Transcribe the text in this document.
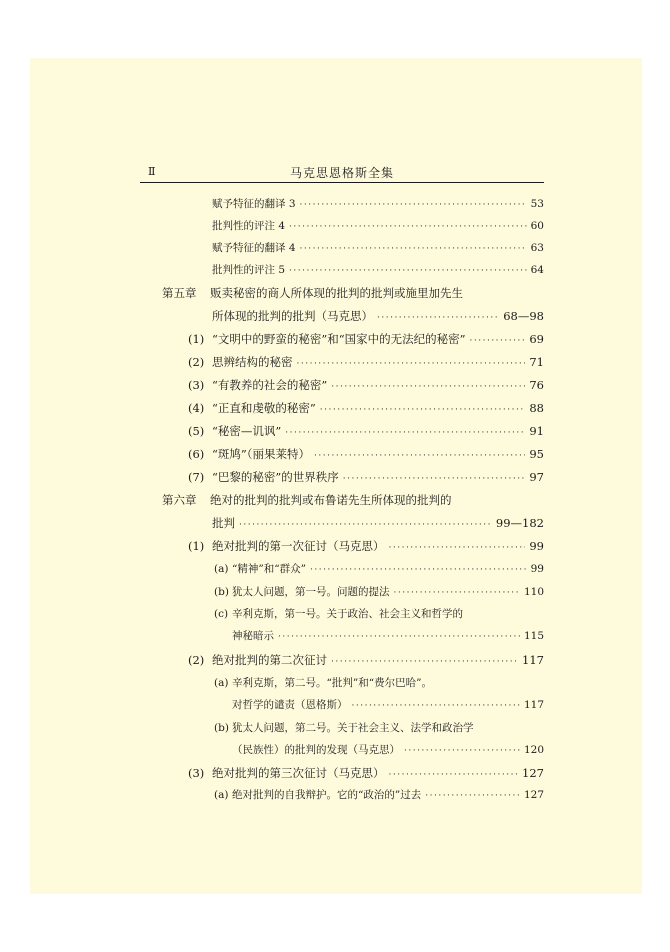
Ⅱ	马克思恩格斯全集
赋予特征的翻译 3 ·····	53
批判性的评注 4 ·····	60
赋予特征的翻译 4 ·····	63
批判性的评注 5 ·····	64
第五章	贩卖秘密的商人所体现的批判的批判或施里加先生
所体现的批判的批判（马克思） ·····	68—98
(1) “文明中的野蛮的秘密”和“国家中的无法纪的秘密” ·····	69
(2) 思辨结构的秘密 ·····	71
(3) “有教养的社会的秘密” ·····	76
(4) “正直和虔敬的秘密” ·····	88
(5) “秘密—讥讽” ·····	91
(6) “斑鸠”（丽果莱特） ·····	95
(7) “巴黎的秘密”的世界秩序 ·····	97
第六章	绝对的批判的批判或布鲁诺先生所体现的批判的
批判 ·····	99—182
(1) 绝对批判的第一次征讨（马克思） ·····	99
(a) “精神”和“群众” ·····	99
(b) 犹太人问题，第一号。问题的提法 ·····	110
(c) 辛利克斯，第一号。关于政治、社会主义和哲学的
神秘暗示 ·····	115
(2) 绝对批判的第二次征讨 ·····	117
(a) 辛利克斯，第二号。“批判”和“费尔巴哈”。
对哲学的谴责（恩格斯） ·····	117
(b) 犹太人问题，第二号。关于社会主义、法学和政治学
（民族性）的批判的发现（马克思） ·····	120
(3) 绝对批判的第三次征讨（马克思） ·····	127
(a) 绝对批判的自我辩护。它的“政治的”过去 ·····	127
